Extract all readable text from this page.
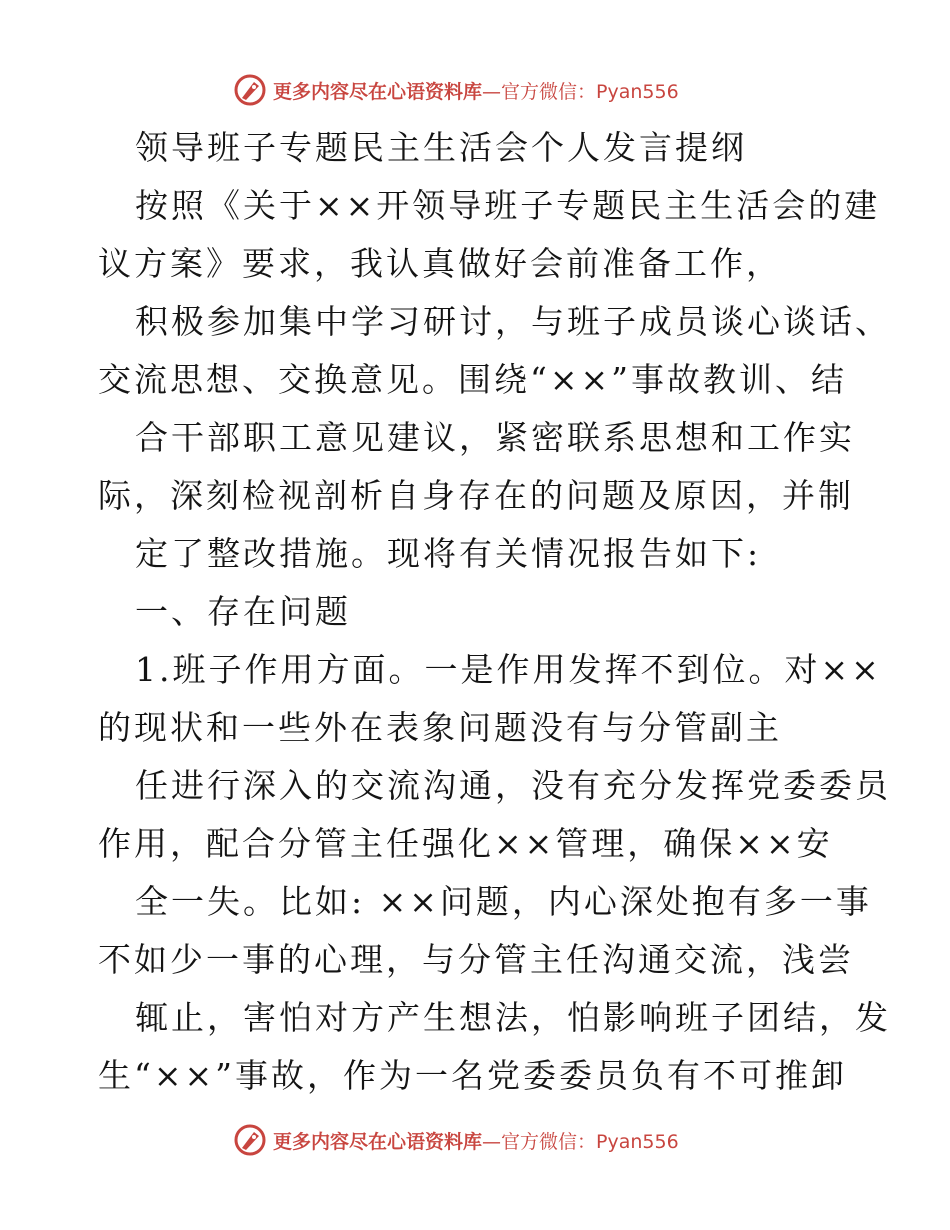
更多内容尽在心语资料库—官方微信：Pyan556
领导班子专题民主生活会个人发言提纲
按照《关于××开领导班子专题民主生活会的建
议方案》要求，我认真做好会前准备工作，
积极参加集中学习研讨，与班子成员谈心谈话、
交流思想、交换意见。围绕“××”事故教训、结
合干部职工意见建议，紧密联系思想和工作实
际，深刻检视剖析自身存在的问题及原因，并制
定了整改措施。现将有关情况报告如下:
一、存在问题
1.班子作用方面。一是作用发挥不到位。对××
的现状和一些外在表象问题没有与分管副主
任进行深入的交流沟通，没有充分发挥党委委员
作用，配合分管主任强化××管理，确保××安
全一失。比如: ××问题，内心深处抱有多一事
不如少一事的心理，与分管主任沟通交流，浅尝
辄止，害怕对方产生想法，怕影响班子团结，发
生“××”事故，作为一名党委委员负有不可推卸
更多内容尽在心语资料库—官方微信：Pyan556
